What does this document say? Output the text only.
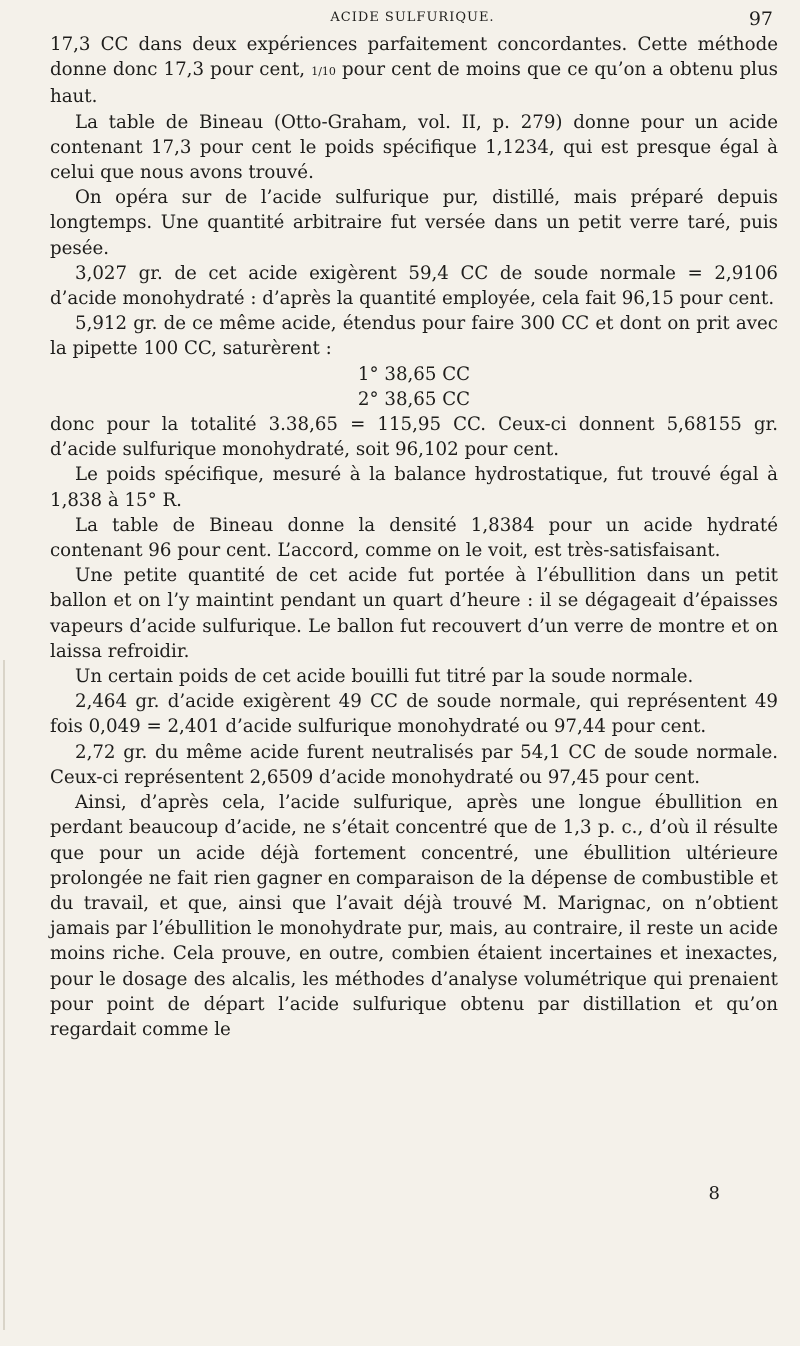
ACIDE SULFURIQUE.	97

17,3 CC dans deux expériences parfaitement concordantes. Cette méthode donne donc 17,3 pour cent, 1/10 pour cent de moins que ce qu’on a obtenu plus haut.

La table de Bineau (Otto-Graham, vol. II, p. 279) donne pour un acide contenant 17,3 pour cent le poids spécifique 1,1234, qui est presque égal à celui que nous avons trouvé.

On opéra sur de l’acide sulfurique pur, distillé, mais préparé depuis longtemps. Une quantité arbitraire fut versée dans un petit verre taré, puis pesée.

3,027 gr. de cet acide exigèrent 59,4 CC de soude normale = 2,9106 d’acide monohydraté : d’après la quantité employée, cela fait 96,15 pour cent.

5,912 gr. de ce même acide, étendus pour faire 300 CC et dont on prit avec la pipette 100 CC, saturèrent :

1° 38,65 CC

2° 38,65 CC

donc pour la totalité 3.38,65 = 115,95 CC. Ceux-ci donnent 5,68155 gr. d’acide sulfurique monohydraté, soit 96,102 pour cent.

Le poids spécifique, mesuré à la balance hydrostatique, fut trouvé égal à 1,838 à 15° R.

La table de Bineau donne la densité 1,8384 pour un acide hydraté contenant 96 pour cent. L’accord, comme on le voit, est très-satisfaisant.

Une petite quantité de cet acide fut portée à l’ébullition dans un petit ballon et on l’y maintint pendant un quart d’heure : il se dégageait d’épaisses vapeurs d’acide sulfurique. Le ballon fut recouvert d’un verre de montre et on laissa refroidir.

Un certain poids de cet acide bouilli fut titré par la soude normale.

2,464 gr. d’acide exigèrent 49 CC de soude normale, qui représentent 49 fois 0,049 = 2,401 d’acide sulfurique monohydraté ou 97,44 pour cent.

2,72 gr. du même acide furent neutralisés par 54,1 CC de soude normale. Ceux-ci représentent 2,6509 d’acide monohydraté ou 97,45 pour cent.

Ainsi, d’après cela, l’acide sulfurique, après une longue ébullition en perdant beaucoup d’acide, ne s’était concentré que de 1,3 p. c., d’où il résulte que pour un acide déjà fortement concentré, une ébullition ultérieure prolongée ne fait rien gagner en comparaison de la dépense de combustible et du travail, et que, ainsi que l’avait déjà trouvé M. Marignac, on n’obtient jamais par l’ébullition le monohydrate pur, mais, au contraire, il reste un acide moins riche. Cela prouve, en outre, combien étaient incertaines et inexactes, pour le dosage des alcalis, les méthodes d’analyse volumétrique qui prenaient pour point de départ l’acide sulfurique obtenu par distillation et qu’on regardait comme le

8
